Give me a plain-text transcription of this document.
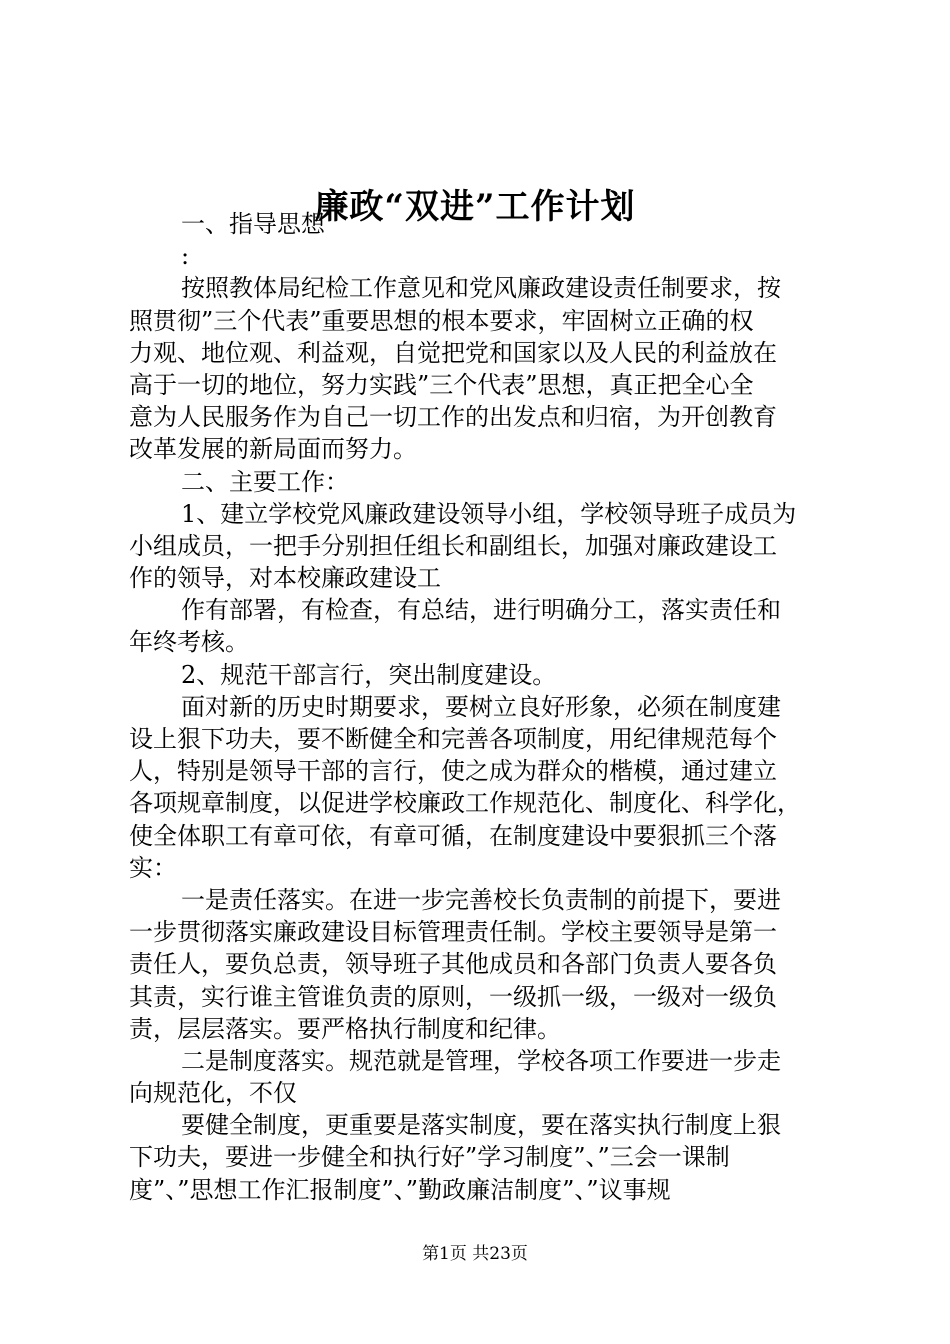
廉政“双进”工作计划
一、指导思想
:
按照教体局纪检工作意见和党风廉政建设责任制要求，按
照贯彻”三个代表”重要思想的根本要求，牢固树立正确的权
力观、地位观、利益观，自觉把党和国家以及人民的利益放在
高于一切的地位，努力实践”三个代表”思想，真正把全心全
意为人民服务作为自己一切工作的出发点和归宿，为开创教育
改革发展的新局面而努力。
二、主要工作：
1、建立学校党风廉政建设领导小组，学校领导班子成员为
小组成员，一把手分别担任组长和副组长，加强对廉政建设工
作的领导，对本校廉政建设工
作有部署，有检查，有总结，进行明确分工，落实责任和
年终考核。
2、规范干部言行，突出制度建设。
面对新的历史时期要求，要树立良好形象，必须在制度建
设上狠下功夫，要不断健全和完善各项制度，用纪律规范每个
人，特别是领导干部的言行，使之成为群众的楷模，通过建立
各项规章制度，以促进学校廉政工作规范化、制度化、科学化，
使全体职工有章可依，有章可循，在制度建设中要狠抓三个落
实：
一是责任落实。在进一步完善校长负责制的前提下，要进
一步贯彻落实廉政建设目标管理责任制。学校主要领导是第一
责任人，要负总责，领导班子其他成员和各部门负责人要各负
其责，实行谁主管谁负责的原则，一级抓一级，一级对一级负
责，层层落实。要严格执行制度和纪律。
二是制度落实。规范就是管理，学校各项工作要进一步走
向规范化，不仅
要健全制度，更重要是落实制度，要在落实执行制度上狠
下功夫，要进一步健全和执行好”学习制度”、”三会一课制
度”、”思想工作汇报制度”、”勤政廉洁制度”、”议事规
第1页 共23页
